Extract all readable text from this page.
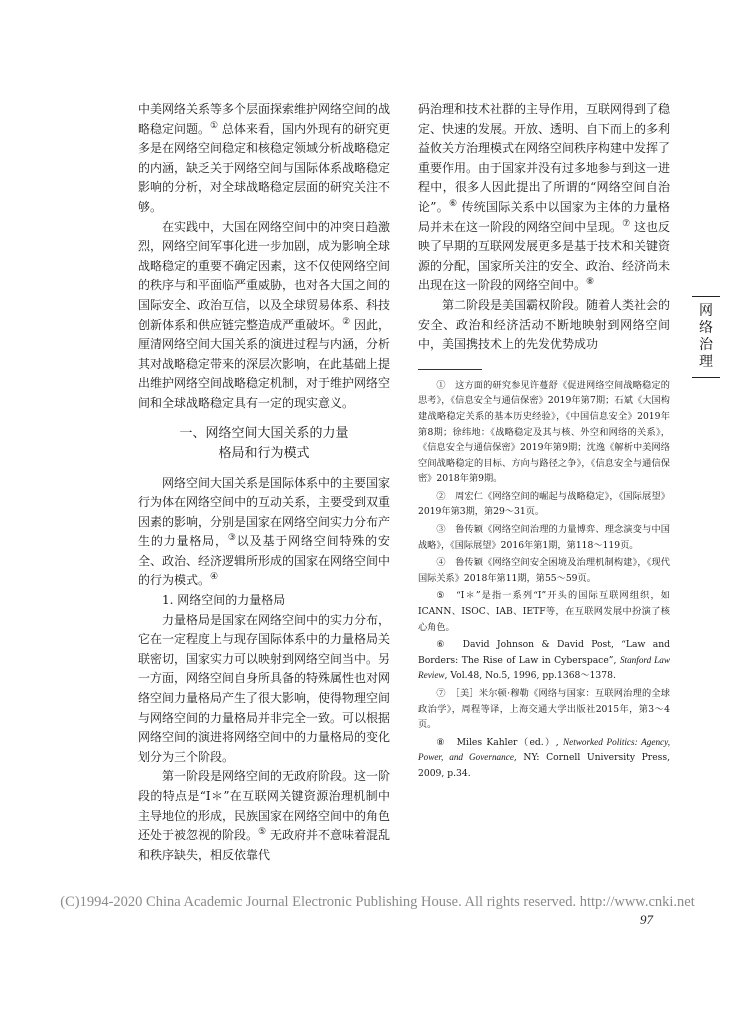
中美网络关系等多个层面探索维护网络空间的战略稳定问题。① 总体来看，国内外现有的研究更多是在网络空间稳定和核稳定领域分析战略稳定的内涵，缺乏关于网络空间与国际体系战略稳定影响的分析，对全球战略稳定层面的研究关注不够。

在实践中，大国在网络空间中的冲突日趋激烈，网络空间军事化进一步加剧，成为影响全球战略稳定的重要不确定因素，这不仅使网络空间的秩序与和平面临严重威胁，也对各大国之间的国际安全、政治互信，以及全球贸易体系、科技创新体系和供应链完整造成严重破坏。② 因此，厘清网络空间大国关系的演进过程与内涵，分析其对战略稳定带来的深层次影响，在此基础上提出维护网络空间战略稳定机制，对于维护网络空间和全球战略稳定具有一定的现实意义。

一、网络空间大国关系的力量
格局和行为模式

网络空间大国关系是国际体系中的主要国家行为体在网络空间中的互动关系，主要受到双重因素的影响，分别是国家在网络空间实力分布产生的力量格局，③以及基于网络空间特殊的安全、政治、经济逻辑所形成的国家在网络空间中的行为模式。④

1. 网络空间的力量格局

力量格局是国家在网络空间中的实力分布，它在一定程度上与现存国际体系中的力量格局关联密切，国家实力可以映射到网络空间当中。另一方面，网络空间自身所具备的特殊属性也对网络空间力量格局产生了很大影响，使得物理空间与网络空间的力量格局并非完全一致。可以根据网络空间的演进将网络空间中的力量格局的变化划分为三个阶段。

第一阶段是网络空间的无政府阶段。这一阶段的特点是“I＊”在互联网关键资源治理机制中主导地位的形成，民族国家在网络空间中的角色还处于被忽视的阶段。⑤ 无政府并不意味着混乱和秩序缺失，相反依靠代

码治理和技术社群的主导作用，互联网得到了稳定、快速的发展。开放、透明、自下而上的多利益攸关方治理模式在网络空间秩序构建中发挥了重要作用。由于国家并没有过多地参与到这一进程中，很多人因此提出了所谓的“网络空间自治论”。⑥ 传统国际关系中以国家为主体的力量格局并未在这一阶段的网络空间中呈现。⑦ 这也反映了早期的互联网发展更多是基于技术和关键资源的分配，国家所关注的安全、政治、经济尚未出现在这一阶段的网络空间中。⑧

第二阶段是美国霸权阶段。随着人类社会的安全、政治和经济活动不断地映射到网络空间中，美国携技术上的先发优势成功

①　这方面的研究参见许蔓舒《促进网络空间战略稳定的思考》，《信息安全与通信保密》2019年第7期；石斌《大国构建战略稳定关系的基本历史经验》，《中国信息安全》2019年第8期；徐纬地：《战略稳定及其与核、外空和网络的关系》，《信息安全与通信保密》2019年第9期；沈逸《解析中美网络空间战略稳定的目标、方向与路径之争》，《信息安全与通信保密》2018年第9期。

②　周宏仁《网络空间的崛起与战略稳定》，《国际展望》2019年第3期，第29～31页。

③　鲁传颖《网络空间治理的力量博弈、理念演变与中国战略》，《国际展望》2016年第1期，第118～119页。

④　鲁传颖《网络空间安全困境及治理机制构建》，《现代国际关系》2018年第11期，第55～59页。

⑤　“I＊”是指一系列“I”开头的国际互联网组织，如ICANN、ISOC、IAB、IETF等，在互联网发展中扮演了核心角色。

⑥　David Johnson & David Post, “Law and Borders: The Rise of Law in Cyberspace”, Stanford Law Review, Vol.48, No.5, 1996, pp.1368～1378.

⑦　［美］米尔顿·穆勒《网络与国家：互联网治理的全球政治学》，周程等译，上海交通大学出版社2015年，第3～4页。

⑧　Miles Kahler（ed.）, Networked Politics: Agency, Power, and Governance, NY: Cornell University Press, 2009, p.34.

网
络
治
理
(C)1994-2020 China Academic Journal Electronic Publishing House. All rights reserved. http://www.cnki.net
97
